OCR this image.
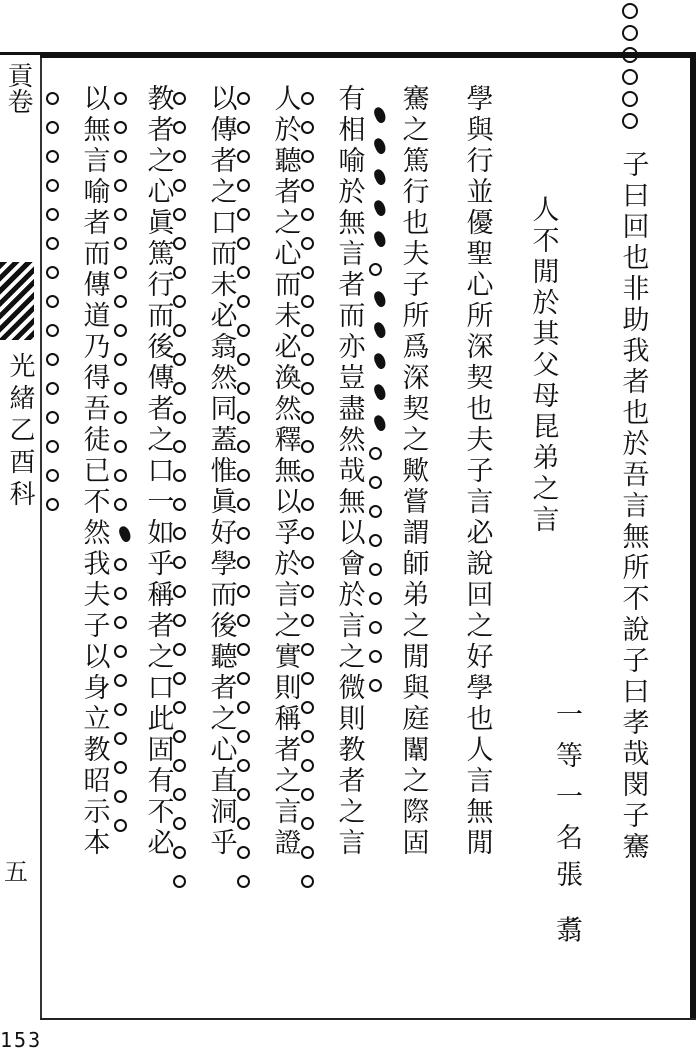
子
曰
回
也
非
助
我
者
也
於
吾
言
無
所
不
說
子
曰
孝
哉
閔
子
騫
人
不
閒
於
其
父
母
昆
弟
之
言
學
與
行
並
優
聖
心
所
深
契
也
夫
子
言
必
說
回
之
好
學
也
人
言
無
閒
騫
之
篤
行
也
夫
子
所
爲
深
契
之
歟
嘗
謂
師
弟
之
閒
與
庭
闈
之
際
固
有
相
喻
於
無
言
者
而
亦
豈
盡
然
哉
無
以
會
於
言
之
微
則
教
者
之
言
人
於
聽
者
之
心
而
未
必
渙
然
釋
無
以
孚
於
言
之
實
則
稱
者
之
言
證
以
傳
者
之
口
而
未
必
翕
然
同
蓋
惟
眞
好
學
而
後
聽
者
之
心
直
洞
乎
教
者
之
心
眞
篤
行
而
後
傳
者
之
口
一
如
乎
稱
者
之
口
此
固
有
不
必
以
無
言
喻
者
而
傳
道
乃
得
吾
徒
已
不
然
我
夫
子
以
身
立
教
昭
示
本	一等一名
張 翥
貢卷
光緒乙酉科
五
153
